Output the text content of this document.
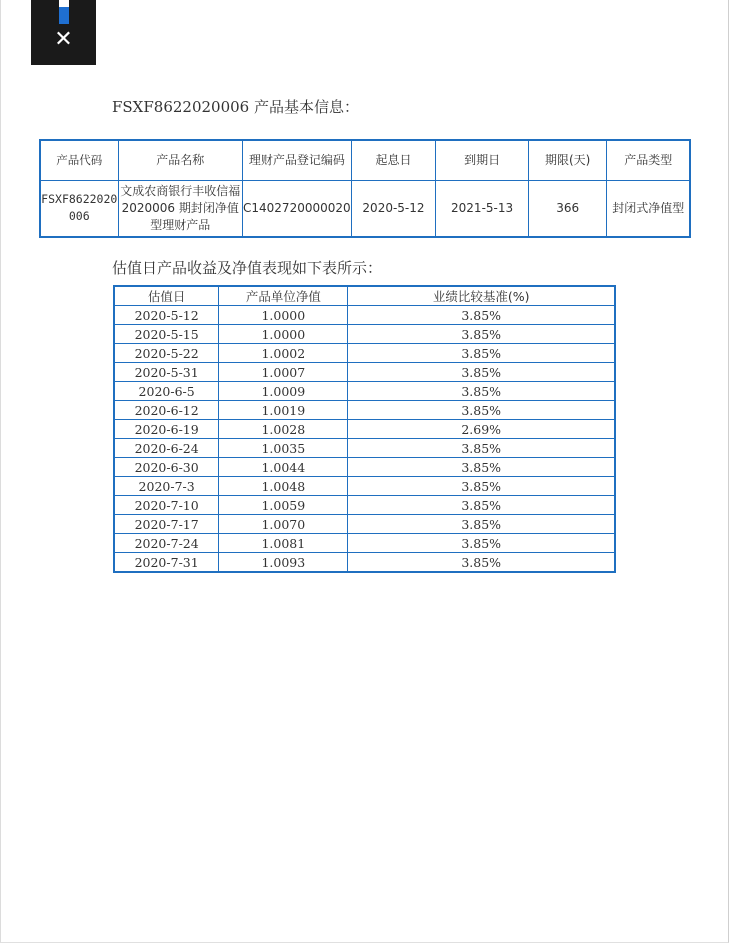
✕
FSXF8622020006 产品基本信息：
产品代码	产品名称	理财产品登记编码	起息日	到期日	期限(天)	产品类型
FSXF8622020006	文成农商银行丰收信福 2020006 期封闭净值型理财产品	C1402720000020	2020-5-12	2021-5-13	366	封闭式净值型
估值日产品收益及净值表现如下表所示：
估值日	产品单位净值	业绩比较基准(%)
2020-5-12	1.0000	3.85%
2020-5-15	1.0000	3.85%
2020-5-22	1.0002	3.85%
2020-5-31	1.0007	3.85%
2020-6-5	1.0009	3.85%
2020-6-12	1.0019	3.85%
2020-6-19	1.0028	2.69%
2020-6-24	1.0035	3.85%
2020-6-30	1.0044	3.85%
2020-7-3	1.0048	3.85%
2020-7-10	1.0059	3.85%
2020-7-17	1.0070	3.85%
2020-7-24	1.0081	3.85%
2020-7-31	1.0093	3.85%
